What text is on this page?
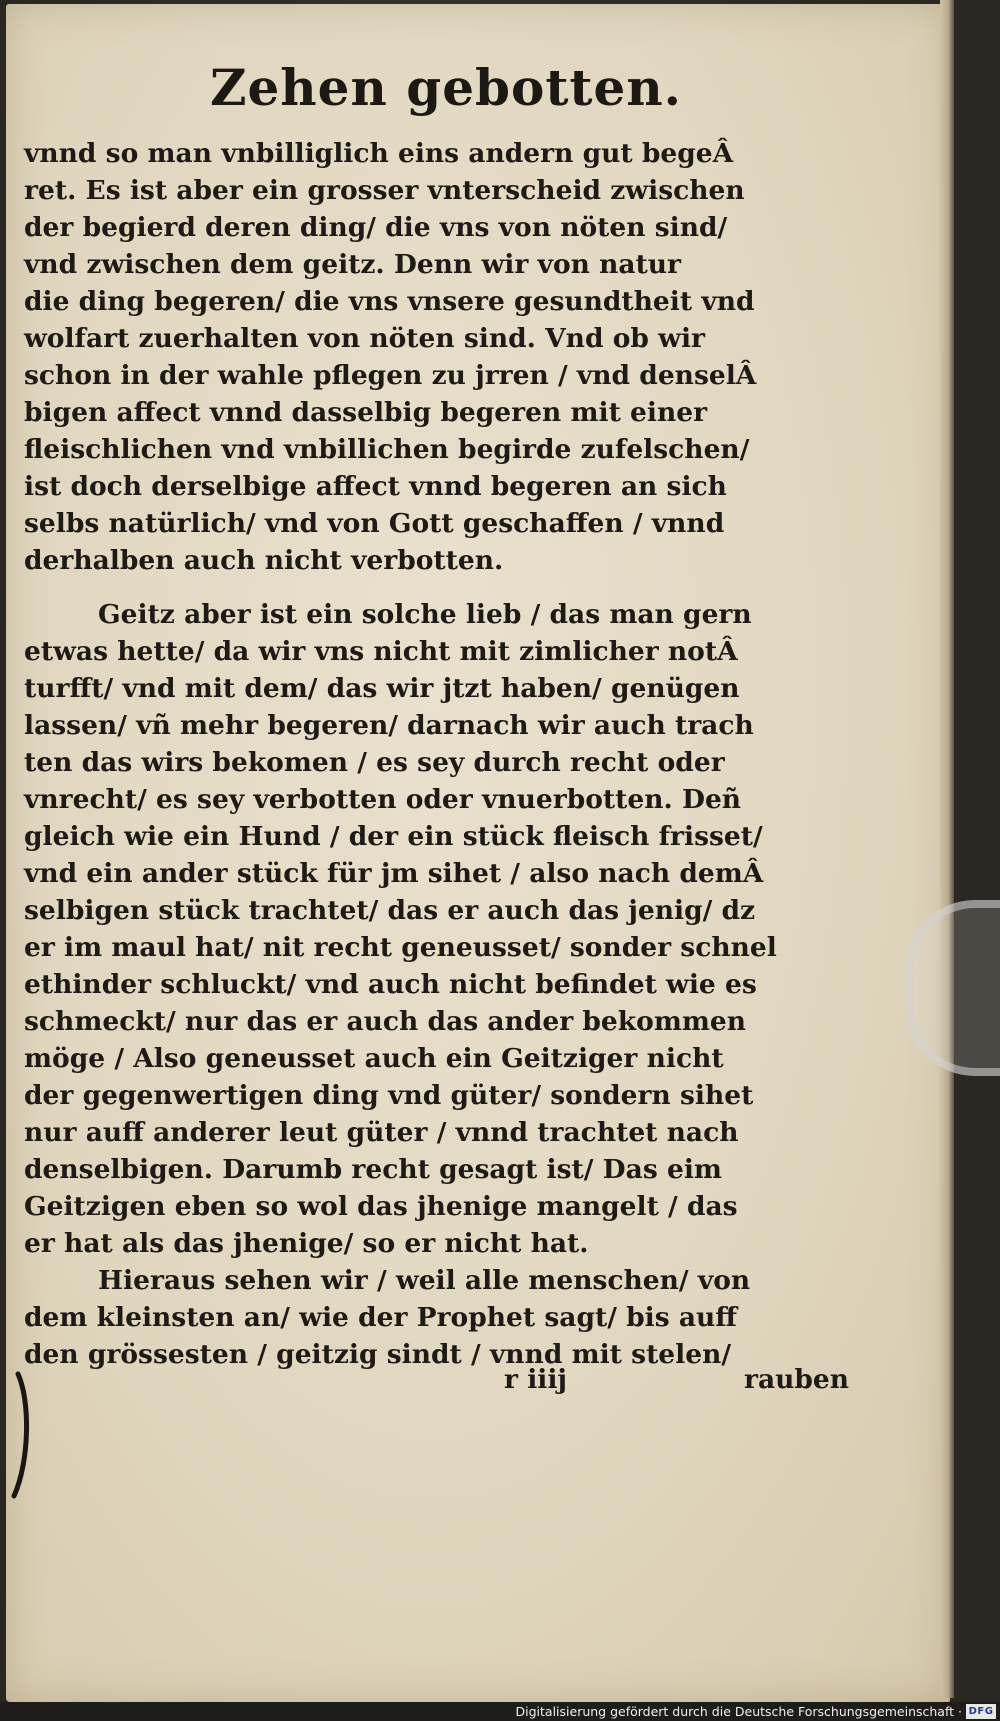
Zehen gebotten.
vnnd so man vnbilliglich eins andern gut begeÂ
ret. Es ist aber ein grosser vnterscheid zwischen
der begierd deren ding/ die vns von nöten sind/
vnd zwischen dem geitz. Denn wir von natur
die ding begeren/ die vns vnsere gesundtheit vnd
wolfart zuerhalten von nöten sind. Vnd ob wir
schon in der wahle pflegen zu jrren / vnd denselÂ
bigen affect vnnd dasselbig begeren mit einer
fleischlichen vnd vnbillichen begirde zufelschen/
ist doch derselbige affect vnnd begeren an sich
selbs natürlich/ vnd von Gott geschaffen / vnnd
derhalben auch nicht verbotten.
Geitz aber ist ein solche lieb / das man gern
etwas hette/ da wir vns nicht mit zimlicher notÂ
turfft/ vnd mit dem/ das wir jtzt haben/ genügen
lassen/ vñ mehr begeren/ darnach wir auch trach
ten das wirs bekomen / es sey durch recht oder
vnrecht/ es sey verbotten oder vnuerbotten. Deñ
gleich wie ein Hund / der ein stück fleisch frisset/
vnd ein ander stück für jm sihet / also nach demÂ
selbigen stück trachtet/ das er auch das jenig/ dz
er im maul hat/ nit recht geneusset/ sonder schnel
ethinder schluckt/ vnd auch nicht befindet wie es
schmeckt/ nur das er auch das ander bekommen
möge / Also geneusset auch ein Geitziger nicht
der gegenwertigen ding vnd güter/ sondern sihet
nur auff anderer leut güter / vnnd trachtet nach
denselbigen. Darumb recht gesagt ist/ Das eim
Geitzigen eben so wol das jhenige mangelt / das
er hat als das jhenige/ so er nicht hat.
Hieraus sehen wir / weil alle menschen/ von
dem kleinsten an/ wie der Prophet sagt/ bis auff
den grössesten / geitzig sindt / vnnd mit stelen/
r iiij	rauben
Digitalisierung gefördert durch die Deutsche Forschungsgemeinschaft · DFG
